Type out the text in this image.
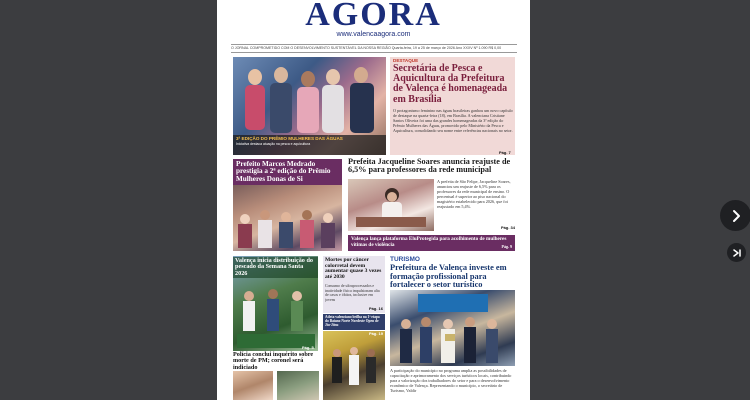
AGORA
www.valencaagora.com
O JORNAL COMPROMETIDO COM O DESENVOLVIMENTO SUSTENTÁVEL DA NOSSA REGIÃO Quarta-feira, 19 a 25 de março de 2026 Ano XXXV Nº 1.090 R$ 0,00
3ª EDIÇÃO DO PRÊMIO MULHERES DAS ÁGUAS
Iniciativa destaca atuação na pesca e aquicultura
DESTAQUE
Secretária de Pesca e Aquicultura da Prefeitura de Valença é homenageada em Brasília
O protagonismo feminino nas águas brasileiras ganhou um novo capítulo de destaque na quarta-feira (18), em Brasília. A valenciana Cristiane Santos Oliveira foi uma das grandes homenageadas da 3ª edição do Prêmio Mulheres das Águas, promovido pelo Ministério da Pesca e Aquicultura, consolidando seu nome entre referências nacionais no setor.
Pág. 7
Prefeito Marcos Medrado prestigia a 2ª edição do Prêmio Mulheres Donas de Si
Prefeita Jacqueline Soares anuncia reajuste de 6,5% para professores da rede municipal
A prefeita de São Felipe, Jacqueline Soares, anunciou um reajuste de 6,5% para os professores da rede municipal de ensino. O percentual é superior ao piso nacional do magistério estabelecido para 2026, que foi reajustado em 5,4%.
Pág. 34
Valença lança plataforma EluProtegida para acolhimento de mulheres vítimas de violência	Pág. 9
Valença inicia distribuição do pescado da Semana Santa 2026
Pág. 5
Polícia conclui inquérito sobre morte de PM; coronel será indiciado
Mortes por câncer colorretal devem aumentar quase 3 vezes até 2030
Consumo de ultraprocessados e inatividade física impulsionam alta de casos e óbitos, inclusive em jovens
Pág. 16
Atleta valenciano brilha na 1ª etapa do Baiano Norte Nordeste Open de Jiu-Jitsu
Pág. 19
TURISMO
Prefeitura de Valença investe em formação profissional para fortalecer o setor turístico
A participação do município no programa amplia as possibilidades de capacitação e aprimoramento dos serviços turísticos locais, contribuindo para a valorização dos trabalhadores do setor e para o desenvolvimento econômico de Valença. Representando o município, o secretário de Turismo, Valdir
